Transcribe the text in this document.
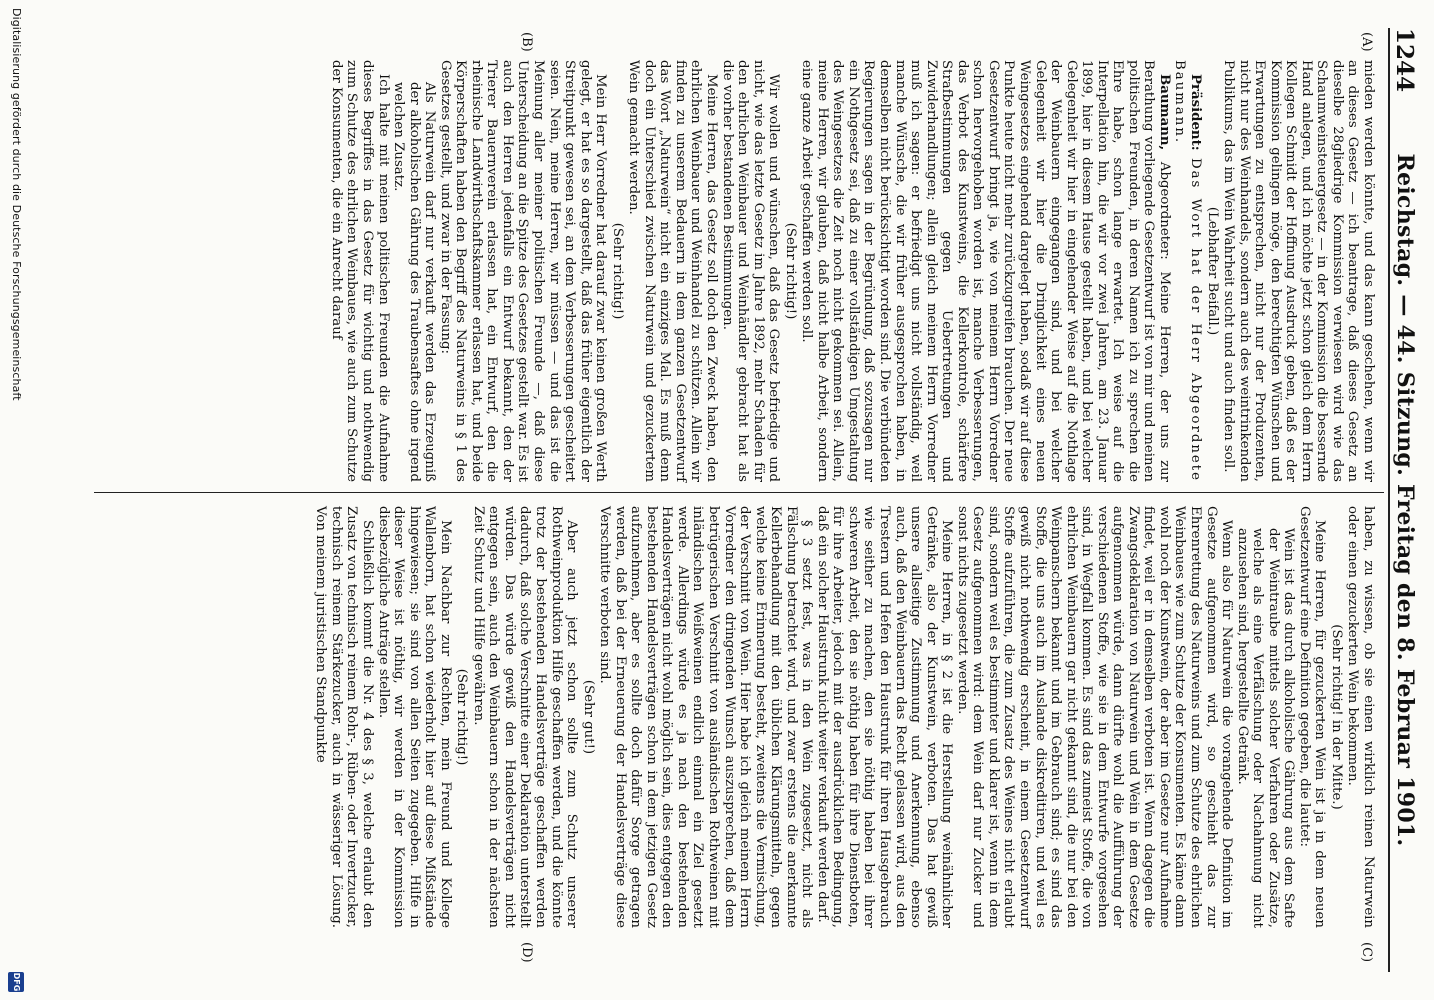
1244
Reichstag. — 44. Sitzung. Freitag den 8. Februar 1901.
(A)
(B)
(C)
(D)

mieden werden könnte, und das kann geschehen, wenn wir an dieses Gesetz — ich beantrage, daß dieses Gesetz an dieselbe 28gliedrige Kommission verwiesen wird wie das Schaumweinsteuergesetz — in der Kommission die bessernde Hand anlegen, und ich möchte jetzt schon gleich dem Herrn Kollegen Schmidt der Hoffnung Ausdruck geben, daß es der Kommission gelingen möge, den berechtigten Wünschen und Erwartungen zu entsprechen, nicht nur der Produzenten, nicht nur des Weinhandels, sondern auch des weintrinkenden Publikums, das im Wein Wahrheit sucht und auch finden soll.

(Lebhafter Beifall.)

Präsident: Das Wort hat der Herr Abgeordnete Baumann.

Baumann, Abgeordneter: Meine Herren, der uns zur Berathung vorliegende Gesetzentwurf ist von mir und meinen politischen Freunden, in deren Namen ich zu sprechen die Ehre habe, schon lange erwartet. Ich weise auf die Interpellation hin, die wir vor zwei Jahren, am 23. Januar 1899, hier in diesem Hause gestellt haben, und bei welcher Gelegenheit wir hier in eingehender Weise auf die Nothlage der Weinbauern eingegangen sind, und bei welcher Gelegenheit wir hier die Dringlichkeit eines neuen Weingesetzes eingehend dargelegt haben, sodaß wir auf diese Punkte heute nicht mehr zurückzugreifen brauchen. Der neue Gesetzentwurf bringt ja, wie von meinem Herrn Vorredner schon hervorgehoben worden ist, manche Verbesserungen, das Verbot des Kunstweins, die Kellerkontrole, schärfere Strafbestimmungen gegen Uebertretungen und Zuwiderhandlungen; allein gleich meinem Herrn Vorredner muß ich sagen: er befriedigt uns nicht vollständig, weil manche Wünsche, die wir früher ausgesprochen haben, in demselben nicht berücksichtigt worden sind. Die verbündeten Regierungen sagen in der Begründung, daß sozusagen nur ein Nothgesetz sei, daß zu einer vollständigen Umgestaltung des Weingesetzes die Zeit noch nicht gekommen sei. Allein, meine Herren, wir glauben, daß nicht halbe Arbeit, sondern eine ganze Arbeit geschaffen werden soll.

(Sehr richtig!)

Wir wollen und wünschen, daß das Gesetz befriedige und nicht, wie das letzte Gesetz im Jahre 1892, mehr Schaden für den ehrlichen Weinbauer und Weinhändler gebracht hat als die vorher bestandenen Bestimmungen.

Meine Herren, das Gesetz soll doch den Zweck haben, den ehrlichen Weinbauer und Weinhandel zu schützen. Allein wir finden zu unserem Bedauern in dem ganzen Gesetzentwurf das Wort „Naturwein“ nicht ein einziges Mal. Es muß denn doch ein Unterschied zwischen Naturwein und gezuckertem Wein gemacht werden.

(Sehr richtig!)

Mein Herr Vorredner hat darauf zwar keinen großen Werth gelegt, er hat es so dargestellt, daß das früher eigentlich der Streitpunkt gewesen sei, an dem Verbesserungen gescheitert seien. Nein, meine Herren, wir müssen — und das ist die Meinung aller meiner politischen Freunde —, daß diese Unterscheidung an die Spitze des Gesetzes gestellt war. Es ist auch den Herren jedenfalls ein Entwurf bekannt, den der Trierer Bauernverein erlassen hat, ein Entwurf, den die rheinische Landwirthschaftskammer erlassen hat, und beide Körperschaften haben den Begriff des Naturweins in § 1 des Gesetzes gestellt, und zwar in der Fassung:

Als Naturwein darf nur verkauft werden das Erzeugniß der alkoholischen Gährung des Traubensaftes ohne irgend welchen Zusatz.

Ich halte mit meinen politischen Freunden die Aufnahme dieses Begriffes in das Gesetz für wichtig und nothwendig zum Schutze des ehrlichen Weinbaues, wie auch zum Schutze der Konsumenten, die ein Anrecht darauf

haben, zu wissen, ob sie einen wirklich reinen Naturwein oder einen gezuckerten Wein bekommen.

(Sehr richtig! in der Mitte.)

Meine Herren, für gezuckerten Wein ist ja in dem neuen Gesetzentwurf eine Definition gegeben, die lautet:

Wein ist das durch alkoholische Gährung aus dem Safte der Weintraube mittels solcher Verfahren oder Zusätze, welche als eine Verfälschung oder Nachahmung nicht anzusehen sind, hergestellte Getränk.

Wenn also für Naturwein die vorangehende Definition im Gesetze aufgenommen wird, so geschieht das zur Ehrenrettung des Naturweins und zum Schutze des ehrlichen Weinbaues wie zum Schutze der Konsumenten. Es käme dann wohl noch der Kunstwein, der aber im Gesetze nur Aufnahme findet, weil er in demselben verboten ist. Wenn dagegen die Zwangsdeklaration von Naturwein und Wein in dem Gesetze aufgenommen würde, dann dürfte wohl die Aufführung der verschiedenen Stoffe, wie sie in dem Entwurfe vorgesehen sind, in Wegfall kommen. Es sind das zumeist Stoffe, die von ehrlichen Weinbauern gar nicht gekannt sind, die nur bei den Weinpanschern bekannt und im Gebrauch sind; es sind das Stoffe, die uns auch im Auslande diskreditiren, und weil es gewiß nicht nothwendig erscheint, in einem Gesetzentwurf Stoffe aufzuführen, die zum Zusatz des Weines nicht erlaubt sind, sondern weil es bestimmter und klarer ist, wenn in dem Gesetz aufgenommen wird: dem Wein darf nur Zucker und sonst nichts zugesetzt werden.

Meine Herren, in § 2 ist die Herstellung weinähnlicher Getränke, also der Kunstwein, verboten. Das hat gewiß unsere allseitige Zustimmung und Anerkennung, ebenso auch, daß den Weinbauern das Recht gelassen wird, aus den Trestern und Hefen den Haustrunk für ihren Hausgebrauch wie seither zu machen, den sie nöthig haben bei ihrer schweren Arbeit, den sie nöthig haben für ihre Dienstboten, für ihre Arbeiter, jedoch mit der ausdrücklichen Bedingung, daß ein solcher Haustrunk nicht weiter verkauft werden darf.

§ 3 setzt fest, was in den Wein zugesetzt, nicht als Fälschung betrachtet wird, und zwar erstens die anerkannte Kellerbehandlung mit den üblichen Klärungsmitteln, gegen welche keine Erinnerung besteht, zweitens die Vermischung, der Verschnitt von Wein. Hier habe ich gleich meinem Herrn Vorredner den dringenden Wunsch auszusprechen, daß dem betrügerischen Verschnitt von ausländischen Rothweinen mit inländischen Weißweinen endlich einmal ein Ziel gesetzt werde. Allerdings würde es ja nach den bestehenden Handelsverträgen nicht wohl möglich sein, dies entgegen den bestehenden Handelsverträgen schon in dem jetzigen Gesetz aufzunehmen, aber es sollte doch dafür Sorge getragen werden, daß bei der Erneuerung der Handelsverträge diese Verschnitte verboten sind.

(Sehr gut!)

Aber auch jetzt schon sollte zum Schutz unserer Rothweinproduktion Hilfe geschaffen werden, und die könnte trotz der bestehenden Handelsverträge geschaffen werden dadurch, daß solche Verschnitte einer Deklaration unterstellt würden. Das würde gewiß den Handelsverträgen nicht entgegen sein, auch den Weinbauern schon in der nächsten Zeit Schutz und Hilfe gewähren.

(Sehr richtig!)

Mein Nachbar zur Rechten, mein Freund und Kollege Wallenborn, hat schon wiederholt hier auf diese Mißstände hingewiesen; sie sind von allen Seiten zugegeben. Hilfe in dieser Weise ist nöthig, wir werden in der Kommission diesbezügliche Anträge stellen.

Schließlich kommt die Nr. 4 des § 3, welche erlaubt den Zusatz von technisch reinem Rohr-, Rüben- oder Invertzucker, technisch reinem Stärkezucker, auch in wässeriger Lösung. Von meinem juristischen Standpunkte

Digitalisierung gefördert durch die Deutsche Forschungsgemeinschaft
DFG
